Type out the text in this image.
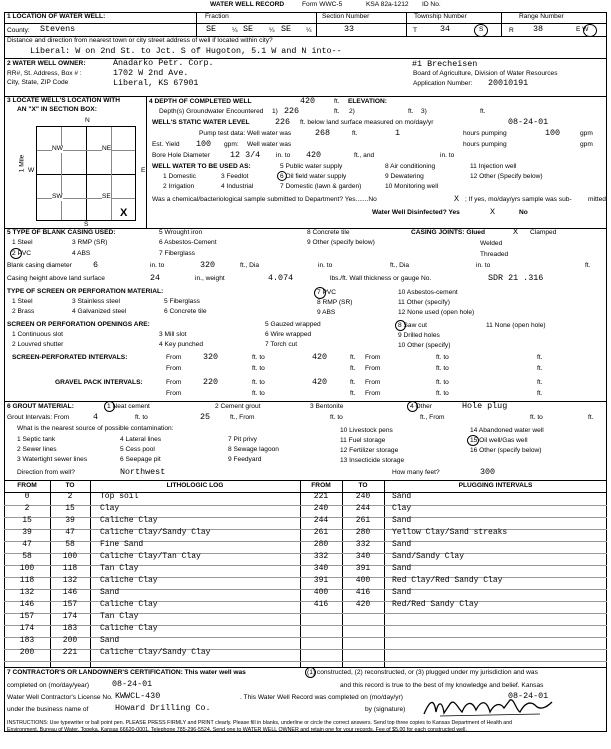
WATER WELL RECORD	Form WWC-5	KSA 82a-1212 ID No.
1 LOCATION OF WATER WELL:	Fraction	Section Number	Township Number	Range Number
County: Stevens	SE ¼ SE ¼ SE ¼	33	T	34	S	R 38	E W
Distance and direction from nearest town or city street address of well if located within city?
Liberal: W on 2nd St. to Jct. S of Hugoton, 5.1 W and N into--
2 WATER WELL OWNER:
RR#, St. Address, Box # :
City, State, ZIP Code
Anadarko Petr. Corp.
1702 W 2nd Ave.
Liberal, KS 67901
#1 Brecheisen
Board of Agriculture, Division of Water Resources
Application Number: 20010191
3 LOCATE WELL'S LOCATION WITH
AN "X" IN SECTION BOX:
N
S
W	E
1 Mile
NW	NE
SW	SE
X
4 DEPTH OF COMPLETED WELL	420	ft. ELEVATION:
Depth(s) Groundwater Encountered 1) 226	ft. 2)	ft. 3)	ft.
WELL'S STATIC WATER LEVEL	226 ft. below land surface measured on mo/day/yr	08-24-01
Pump test data: Well water was	268	ft.	1	hours pumping	100	gpm
Est. Yield 100 gpm: Well water was	hours pumping	gpm
Bore Hole Diameter 12 3/4 in. to 420	ft., and	in. to
WELL WATER TO BE USED AS:
1 Domestic
2 Irrigation
3 Feedlot
4 Industrial
5 Public water supply
6 Oil field water supply
7 Domestic (lawn & garden)
8 Air conditioning
9 Dewatering
10 Monitoring well
11 Injection well
12 Other (Specify below)
Was a chemical/bacteriological sample submitted to Department? Yes.......No	X ; If yes, mo/day/yrs sample was sub- mitted
Water Well Disinfected? Yes	X	No
5 TYPE OF BLANK CASING USED:
1 Steel
2 PVC
3 RMP (SR)
4 ABS
5 Wrought iron
6 Asbestos-Cement
7 Fiberglass
8 Concrete tile
9 Other (specify below)
CASING JOINTS: Glued	X Clamped
Welded
Threaded
Blank casing diameter	6	in. to	320	ft., Dia	in. to	ft., Dia	in. to	ft.
Casing height above land surface	24	in., weight	4.074	lbs./ft. Wall thickness or gauge No.	SDR 21 .316
TYPE OF SCREEN OR PERFORATION MATERIAL:
1 Steel
2 Brass
3 Stainless steel
4 Galvanized steel
5 Fiberglass
6 Concrete tile
7 PVC
8 RMP (SR)
9 ABS
10 Asbestos-cement
11 Other (specify)
12 None used (open hole)
SCREEN OR PERFORATION OPENINGS ARE:
1 Continuous slot
2 Louvred shutter
3 Mill slot
4 Key punched
5 Gauzed wrapped
6 Wire wrapped
7 Torch cut
8 Saw cut
9 Drilled holes
10 Other (specify)
11 None (open hole)
SCREEN-PERFORATED INTERVALS:	From	320	ft. to	420	ft. From	ft. to	ft.
From	ft. to	ft. From	ft. to	ft.
GRAVEL PACK INTERVALS:	From	220	ft. to	420	ft. From	ft. to	ft.
From	ft. to	ft. From	ft. to	ft.
6 GROUT MATERIAL:	1 Neat cement	2 Cement grout	3 Bentonite	4 Other	Hole plug
Grout Intervals: From	4	ft. to	25	ft., From	ft. to	ft., From	ft. to	ft.
What is the nearest source of possible contamination:
1 Septic tank
2 Sewer lines
3 Watertight sewer lines
4 Lateral lines
5 Cess pool
6 Seepage pit
7 Pit privy
8 Sewage lagoon
9 Feedyard
10 Livestock pens
11 Fuel storage
12 Fertilizer storage
13 Insecticide storage
14 Abandoned water well
15 Oil well/Gas well
16 Other (specify below)
Direction from well?	Northwest	How many feet?	300
FROM	TO	LITHOLOGIC LOG	FROM	TO	PLUGGING INTERVALS
0	2	Top soil	221	240	Sand
2	15	Clay	240	244	Clay
15	39	Caliche Clay	244	261	Sand
39	47	Caliche Clay/Sandy Clay	261	280	Yellow Clay/Sand streaks
47	58	Fine Sand	280	332	Sand
58	100	Caliche Clay/Tan Clay	332	340	Sand/Sandy Clay
100	118	Tan Clay	340	391	Sand
118	132	Caliche Clay	391	400	Red Clay/Red Sandy Clay
132	146	Sand	400	416	Sand
146	157	Caliche Clay	416	420	Red/Red Sandy Clay
157	174	Tan Clay
174	183	Caliche Clay
183	200	Sand
200	221	Caliche Clay/Sandy Clay
7 CONTRACTOR'S OR LANDOWNER'S CERTIFICATION: This water well was	(1) constructed, (2) reconstructed, or (3) plugged under my jurisdiction and was
completed on (mo/day/year)	08-24-01	and this record is true to the best of my knowledge and belief. Kansas
Water Well Contractor's License No. KWWCL-430	. This Water Well Record was completed on (mo/day/yr)	08-24-01
under the business name of	Howard Drilling Co.	by (signature)
INSTRUCTIONS: Use typewriter or ball point pen. PLEASE PRESS FIRMLY and PRINT clearly. Please fill in blanks, underline or circle the correct answers. Send top three copies to Kansas Department of Health and
Environment, Bureau of Water, Topeka, Kansas 66620-0001. Telephone 785-296-5524. Send one to WATER WELL OWNER and retain one for your records. Fee of $5.00 for each constructed well.
